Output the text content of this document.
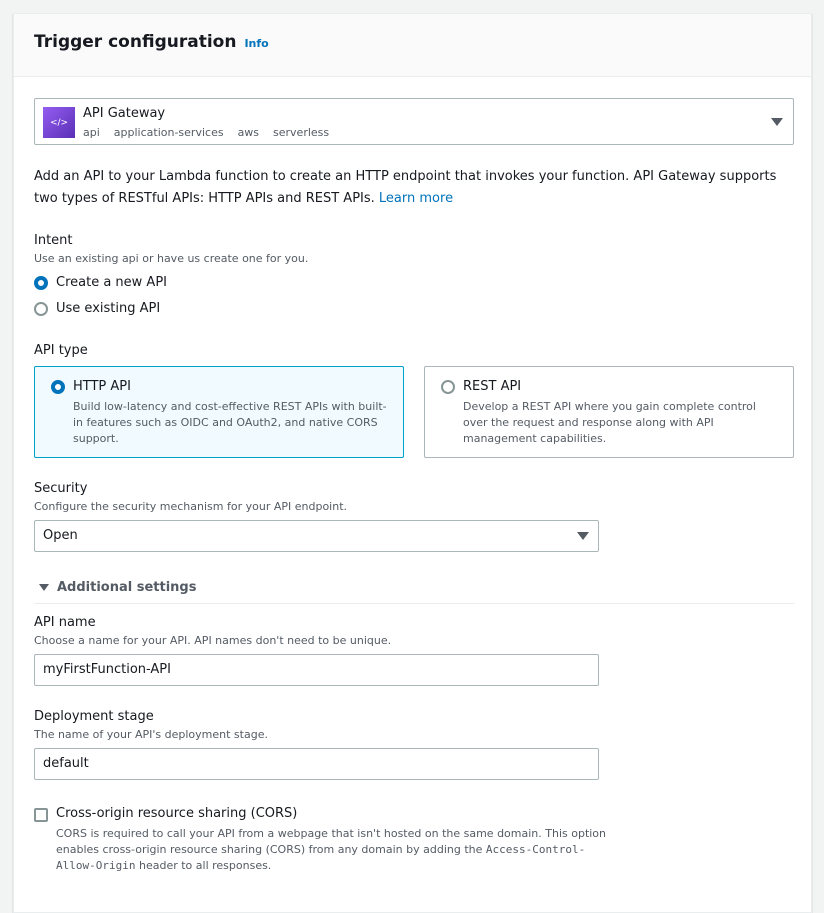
Trigger configuration Info
</>
API Gateway
api application-services aws serverless
Add an API to your Lambda function to create an HTTP endpoint that invokes your function. API Gateway supports two types of RESTful APIs: HTTP APIs and REST APIs. Learn more
Intent
Use an existing api or have us create one for you.
Create a new API
Use existing API
API type
HTTP API
Build low-latency and cost-effective REST APIs with built-in features such as OIDC and OAuth2, and native CORS support.
REST API
Develop a REST API where you gain complete control over the request and response along with API management capabilities.
Security
Configure the security mechanism for your API endpoint.
Open
Additional settings
API name
Choose a name for your API. API names don't need to be unique.
myFirstFunction-API
Deployment stage
The name of your API's deployment stage.
default
Cross-origin resource sharing (CORS)
CORS is required to call your API from a webpage that isn't hosted on the same domain. This option enables cross-origin resource sharing (CORS) from any domain by adding the Access-Control-Allow-Origin header to all responses.
